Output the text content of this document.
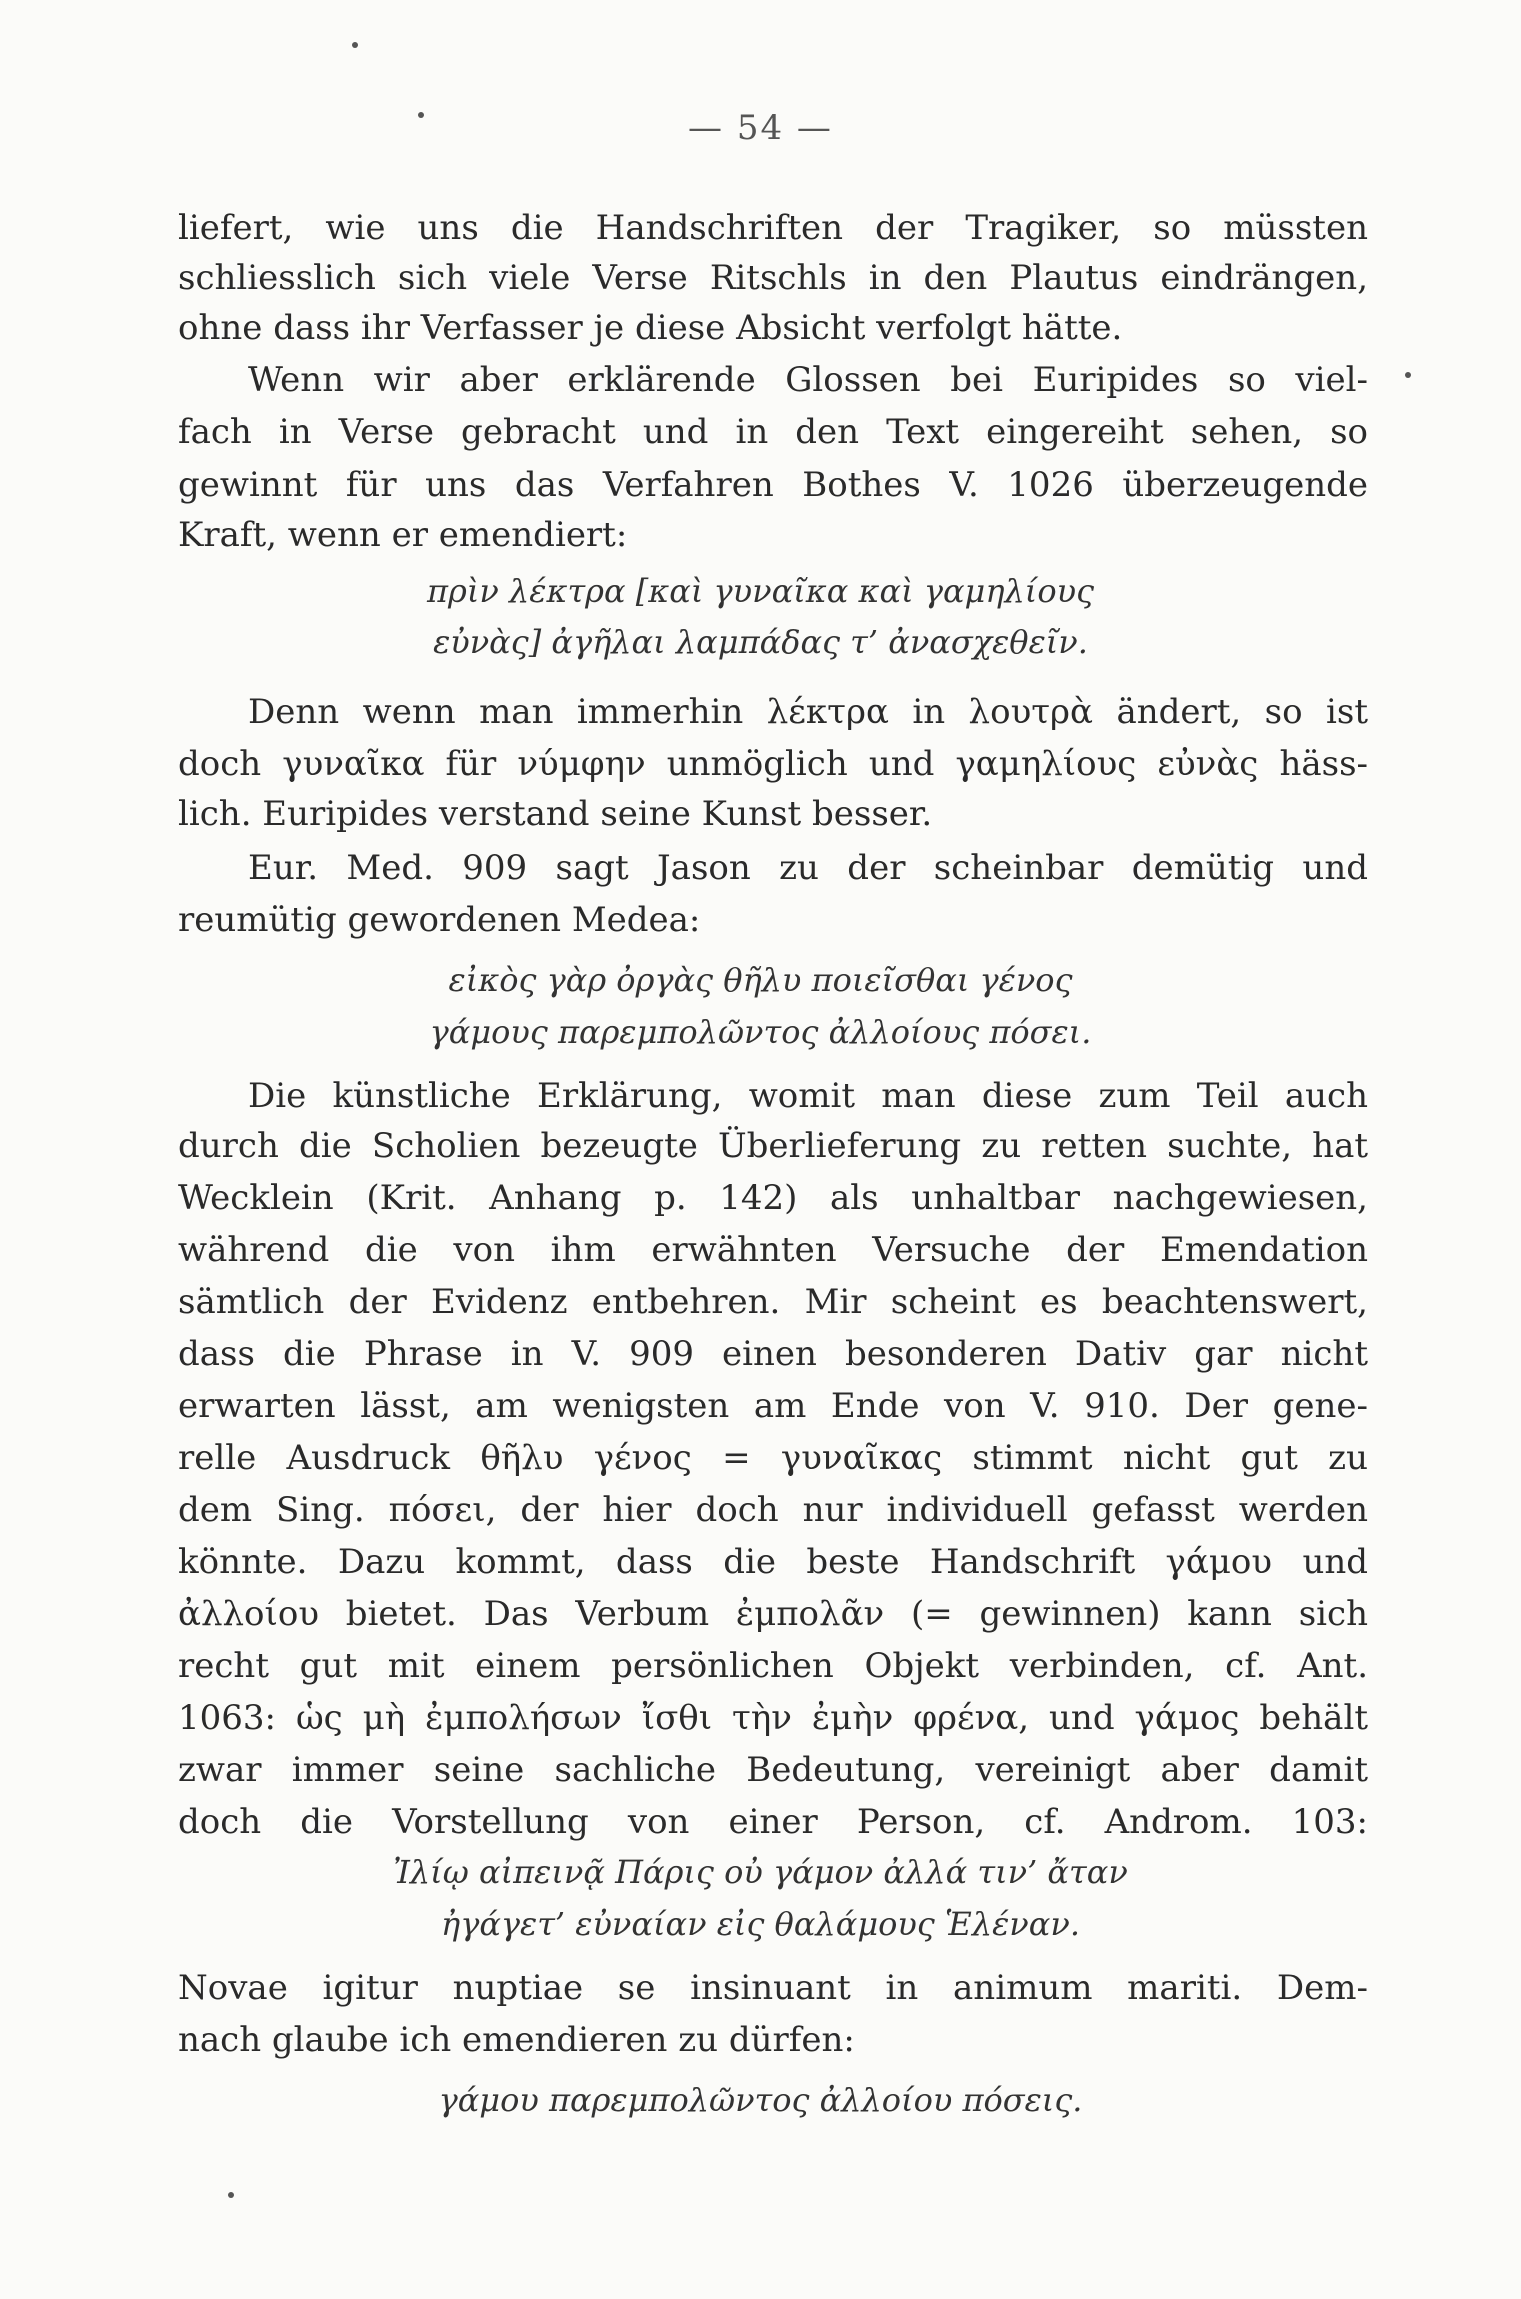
— 54 —
liefert, wie uns die Handschriften der Tragiker, so müssten
schliesslich sich viele Verse Ritschls in den Plautus eindrängen,
ohne dass ihr Verfasser je diese Absicht verfolgt hätte.
Wenn wir aber erklärende Glossen bei Euripides so viel-
fach in Verse gebracht und in den Text eingereiht sehen, so
gewinnt für uns das Verfahren Bothes V. 1026 überzeugende
Kraft, wenn er emendiert:
πρὶν λέκτρα [καὶ γυναῖκα καὶ γαμηλίους
εὐνὰς] ἀγῆλαι λαμπάδας τ’ ἀνασχεθεῖν.
Denn wenn man immerhin λέκτρα in λουτρὰ ändert, so ist
doch γυναῖκα für νύμφην unmöglich und γαμηλίους εὐνὰς häss-
lich. Euripides verstand seine Kunst besser.
Eur. Med. 909 sagt Jason zu der scheinbar demütig und
reumütig gewordenen Medea:
εἰκὸς γὰρ ὀργὰς θῆλυ ποιεῖσθαι γένος
γάμους παρεμπολῶντος ἀλλοίους πόσει.
Die künstliche Erklärung, womit man diese zum Teil auch
durch die Scholien bezeugte Überlieferung zu retten suchte, hat
Wecklein (Krit. Anhang p. 142) als unhaltbar nachgewiesen,
während die von ihm erwähnten Versuche der Emendation
sämtlich der Evidenz entbehren. Mir scheint es beachtenswert,
dass die Phrase in V. 909 einen besonderen Dativ gar nicht
erwarten lässt, am wenigsten am Ende von V. 910. Der gene-
relle Ausdruck θῆλυ γένος = γυναῖκας stimmt nicht gut zu
dem Sing. πόσει, der hier doch nur individuell gefasst werden
könnte. Dazu kommt, dass die beste Handschrift γάμου und
ἀλλοίου bietet. Das Verbum ἐμπολᾶν (= gewinnen) kann sich
recht gut mit einem persönlichen Objekt verbinden, cf. Ant.
1063: ὡς μὴ ἐμπολήσων ἴσθι τὴν ἐμὴν φρένα, und γάμος behält
zwar immer seine sachliche Bedeutung, vereinigt aber damit
doch die Vorstellung von einer Person, cf. Androm. 103:
Ἰλίῳ αἰπεινᾷ Πάρις οὐ γάμον ἀλλά τιν’ ἄταν
ἠγάγετ’ εὐναίαν εἰς θαλάμους Ἑλέναν.
Novae igitur nuptiae se insinuant in animum mariti. Dem-
nach glaube ich emendieren zu dürfen:
γάμου παρεμπολῶντος ἀλλοίου πόσεις.
